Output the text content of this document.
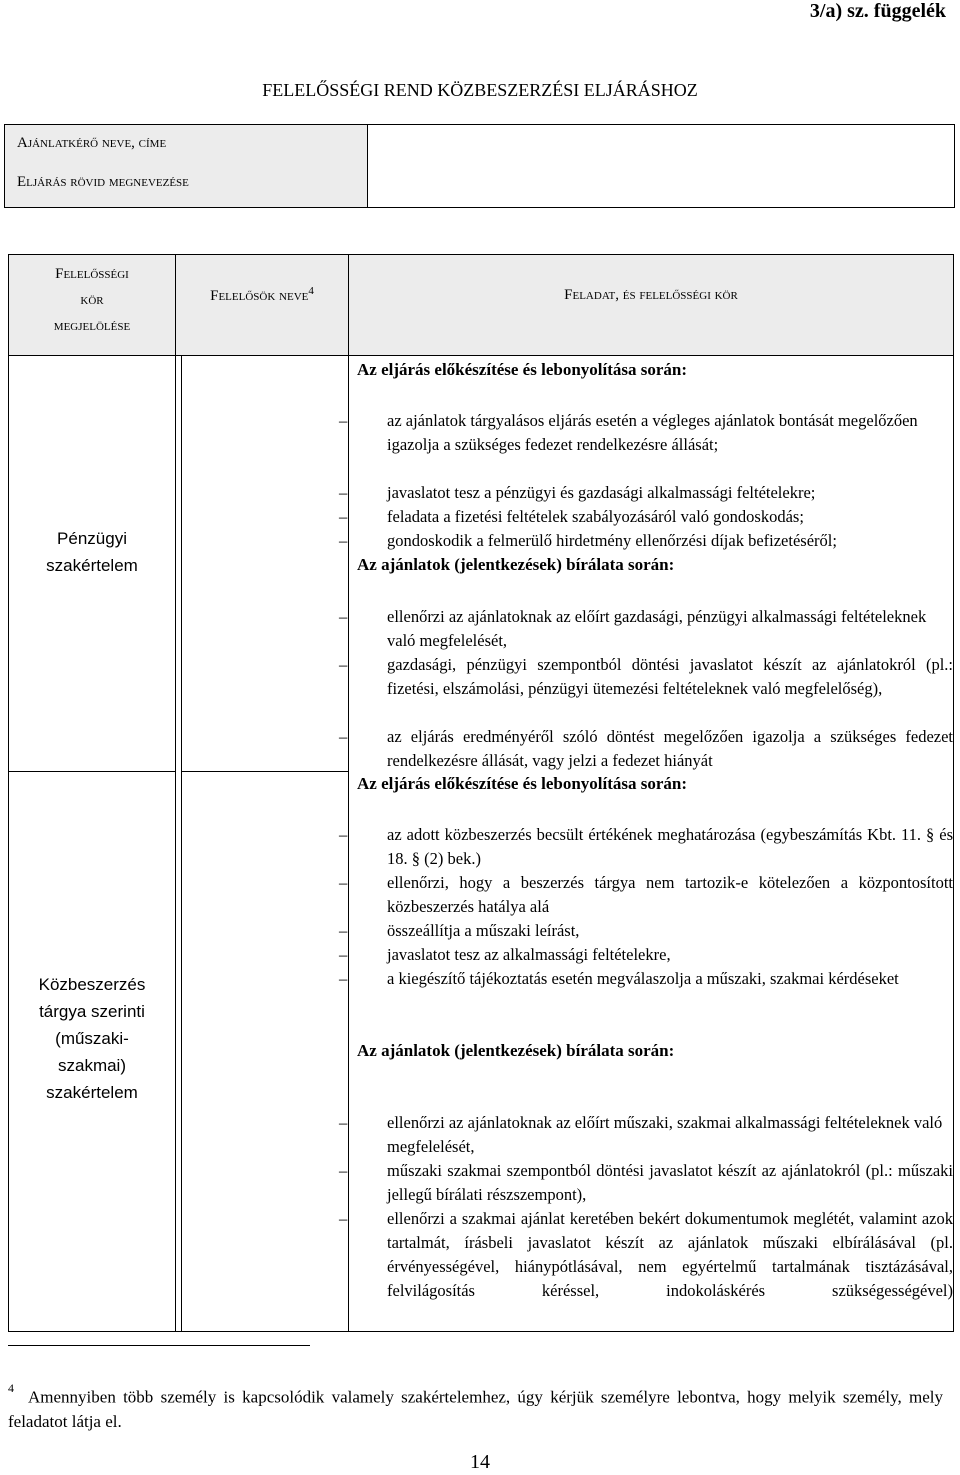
3/a) sz. függelék
FELELŐSSÉGI REND KÖZBESZERZÉSI ELJÁRÁSHOZ
Ajánlatkérő neve, címe
Eljárás rövid megnevezése
Felelősségi
kör
megjelölése
Felelősök neve$^4$	Feladat, és felelősségi kör
Pénzügyi
szakértelem
Közbeszerzés
tárgya szerinti
(műszaki-
szakmai)
szakértelem
Az eljárás előkészítése és lebonyolítása során:
– az ajánlatok tárgyalásos eljárás esetén a végleges ajánlatok bontását megelőzően igazolja a szükséges fedezet rendelkezésre állását;
– javaslatot tesz a pénzügyi és gazdasági alkalmassági feltételekre;
– feladata a fizetési feltételek szabályozásáról való gondoskodás;
– gondoskodik a felmerülő hirdetmény ellenőrzési díjak befizetéséről;
Az ajánlatok (jelentkezések) bírálata során:
– ellenőrzi az ajánlatoknak az előírt gazdasági, pénzügyi alkalmassági feltételeknek való megfelelését,
– gazdasági, pénzügyi szempontból döntési javaslatot készít az ajánlatokról (pl.: fizetési, elszámolási, pénzügyi ütemezési feltételeknek való megfelelőség),
– az eljárás eredményéről szóló döntést megelőzően igazolja a szükséges fedezet rendelkezésre állását, vagy jelzi a fedezet hiányát
Az eljárás előkészítése és lebonyolítása során:
– az adott közbeszerzés becsült értékének meghatározása (egybeszámítás Kbt. 11. § és 18. § (2) bek.)
– ellenőrzi, hogy a beszerzés tárgya nem tartozik-e kötelezően a központosított közbeszerzés hatálya alá
– összeállítja a műszaki leírást,
– javaslatot tesz az alkalmassági feltételekre,
– a kiegészítő tájékoztatás esetén megválaszolja a műszaki, szakmai kérdéseket
Az ajánlatok (jelentkezések) bírálata során:
– ellenőrzi az ajánlatoknak az előírt műszaki, szakmai alkalmassági feltételeknek való megfelelését,
– műszaki szakmai szempontból döntési javaslatot készít az ajánlatokról (pl.: műszaki jellegű bírálati részszempont),
– ellenőrzi a szakmai ajánlat keretében bekért dokumentumok meglétét, valamint azok tartalmát, írásbeli javaslatot készít az ajánlatok műszaki elbírálásával (pl. érvényességével, hiánypótlásával, nem egyértelmű tartalmának tisztázásával, felvilágosítás kéréssel, indokoláskérés szükségességével)
$^4$ Amennyiben több személy is kapcsolódik valamely szakértelemhez, úgy kérjük személyre lebontva, hogy melyik személy, mely feladatot látja el.
14
